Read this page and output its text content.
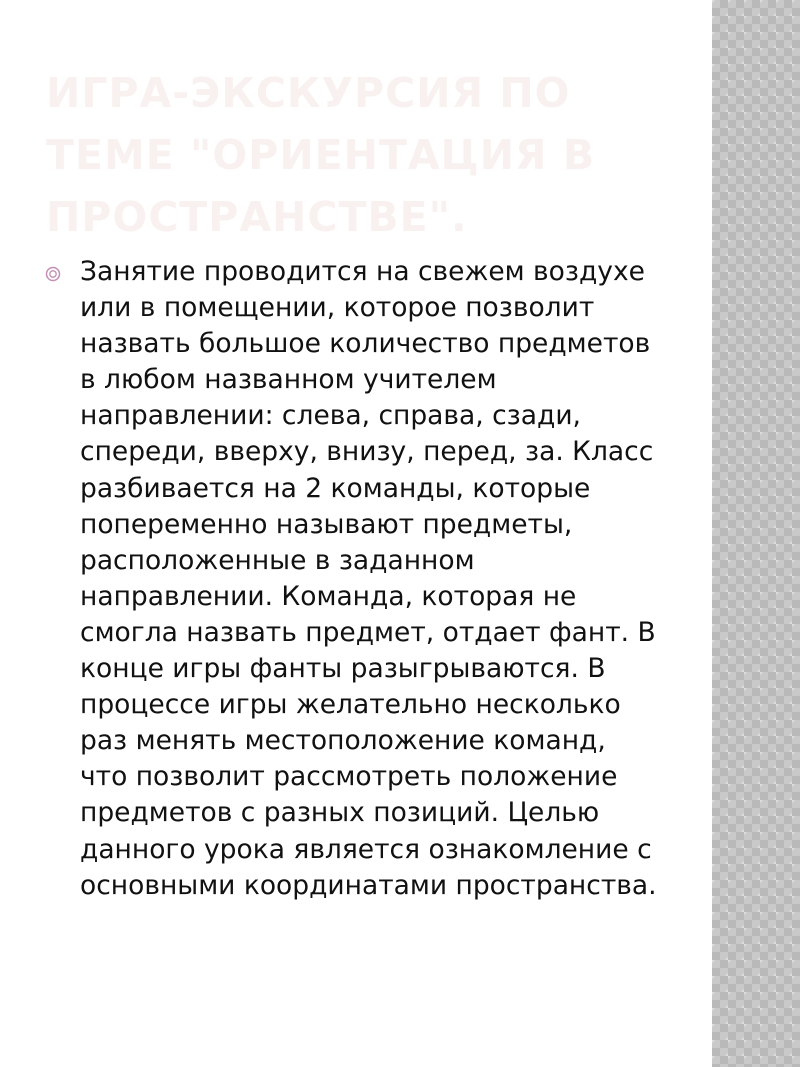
ИГРА-ЭКСКУРСИЯ ПО ТЕМЕ "ОРИЕНТАЦИЯ В ПРОСТРАНСТВЕ".

Занятие проводится на свежем воздухе или в помещении, которое позволит назвать большое количество предметов в любом названном учителем направлении: слева, справа, сзади, спереди, вверху, внизу, перед, за. Класс разбивается на 2 команды, которые попеременно называют предметы, расположенные в заданном направлении. Команда, которая не смогла назвать предмет, отдает фант. В конце игры фанты разыгрываются. В процессе игры желательно несколько раз менять местоположение команд, что позволит рассмотреть положение предметов с разных позиций. Целью данного урока является ознакомление с основными координатами пространства.
